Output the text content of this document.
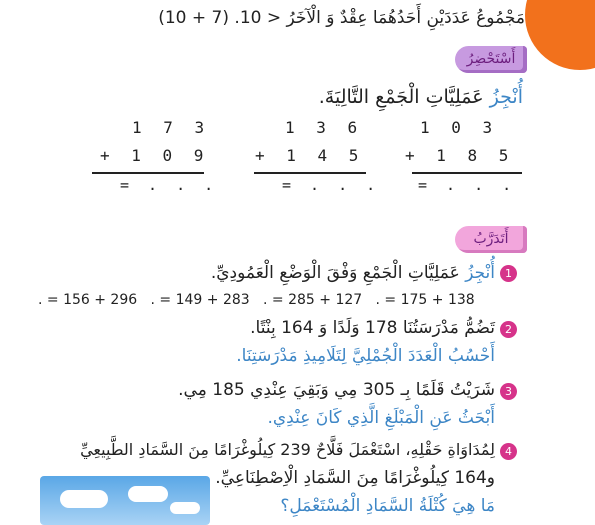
مَجْمُوعُ عَدَدَيْنِ أَحَدُهُمَا عِقْدٌ وَ الْآخَرُ < 10. (7 + 10)
أَسْتَحْضِرُ
أُنْجِزُ عَمَلِيَّاتِ الْجَمْعِ التَّالِيَةَ.
1 7 3
+ 1 0 9
= . . .
1 3 6
+ 1 4 5
= . . .
1 0 3
+ 1 8 5
= . . .
أَتَدَرَّبُ
1
أُنْجِزُ عَمَلِيَّاتِ الْجَمْعِ وَفْقَ الْوَضْعِ الْعَمُودِيِّ.
. = 156 + 296   . = 149 + 283   . = 285 + 127   . = 175 + 138
2
تَضُمُّ مَدْرَسَتُنَا 178 وَلَدًا وَ 164 بِنْتًا.
أَحْسُبُ الْعَدَدَ الْجُمْلِيَّ لِتَلَامِيذِ مَدْرَسَتِنَا.
3
شَرَيْتُ قَلَمًا بِـ 305 مِي وَبَقِيَ عِنْدِي 185 مِي.
أَبْحَثُ عَنِ الْمَبْلَغِ الَّذِي كَانَ عِنْدِي.
4
لِمُدَاوَاةِ حَقْلِهِ، اسْتَعْمَلَ فَلَّاحٌ 239 كِيلُوغْرَامًا مِنَ السَّمَادِ الطَّبِيعِيِّ
و164 كِيلُوغْرَامًا مِنَ السَّمَادِ الْاِصْطِنَاعِيِّ.
مَا هِيَ كُتْلَةُ السَّمَادِ الْمُسْتَعْمَلِ؟
